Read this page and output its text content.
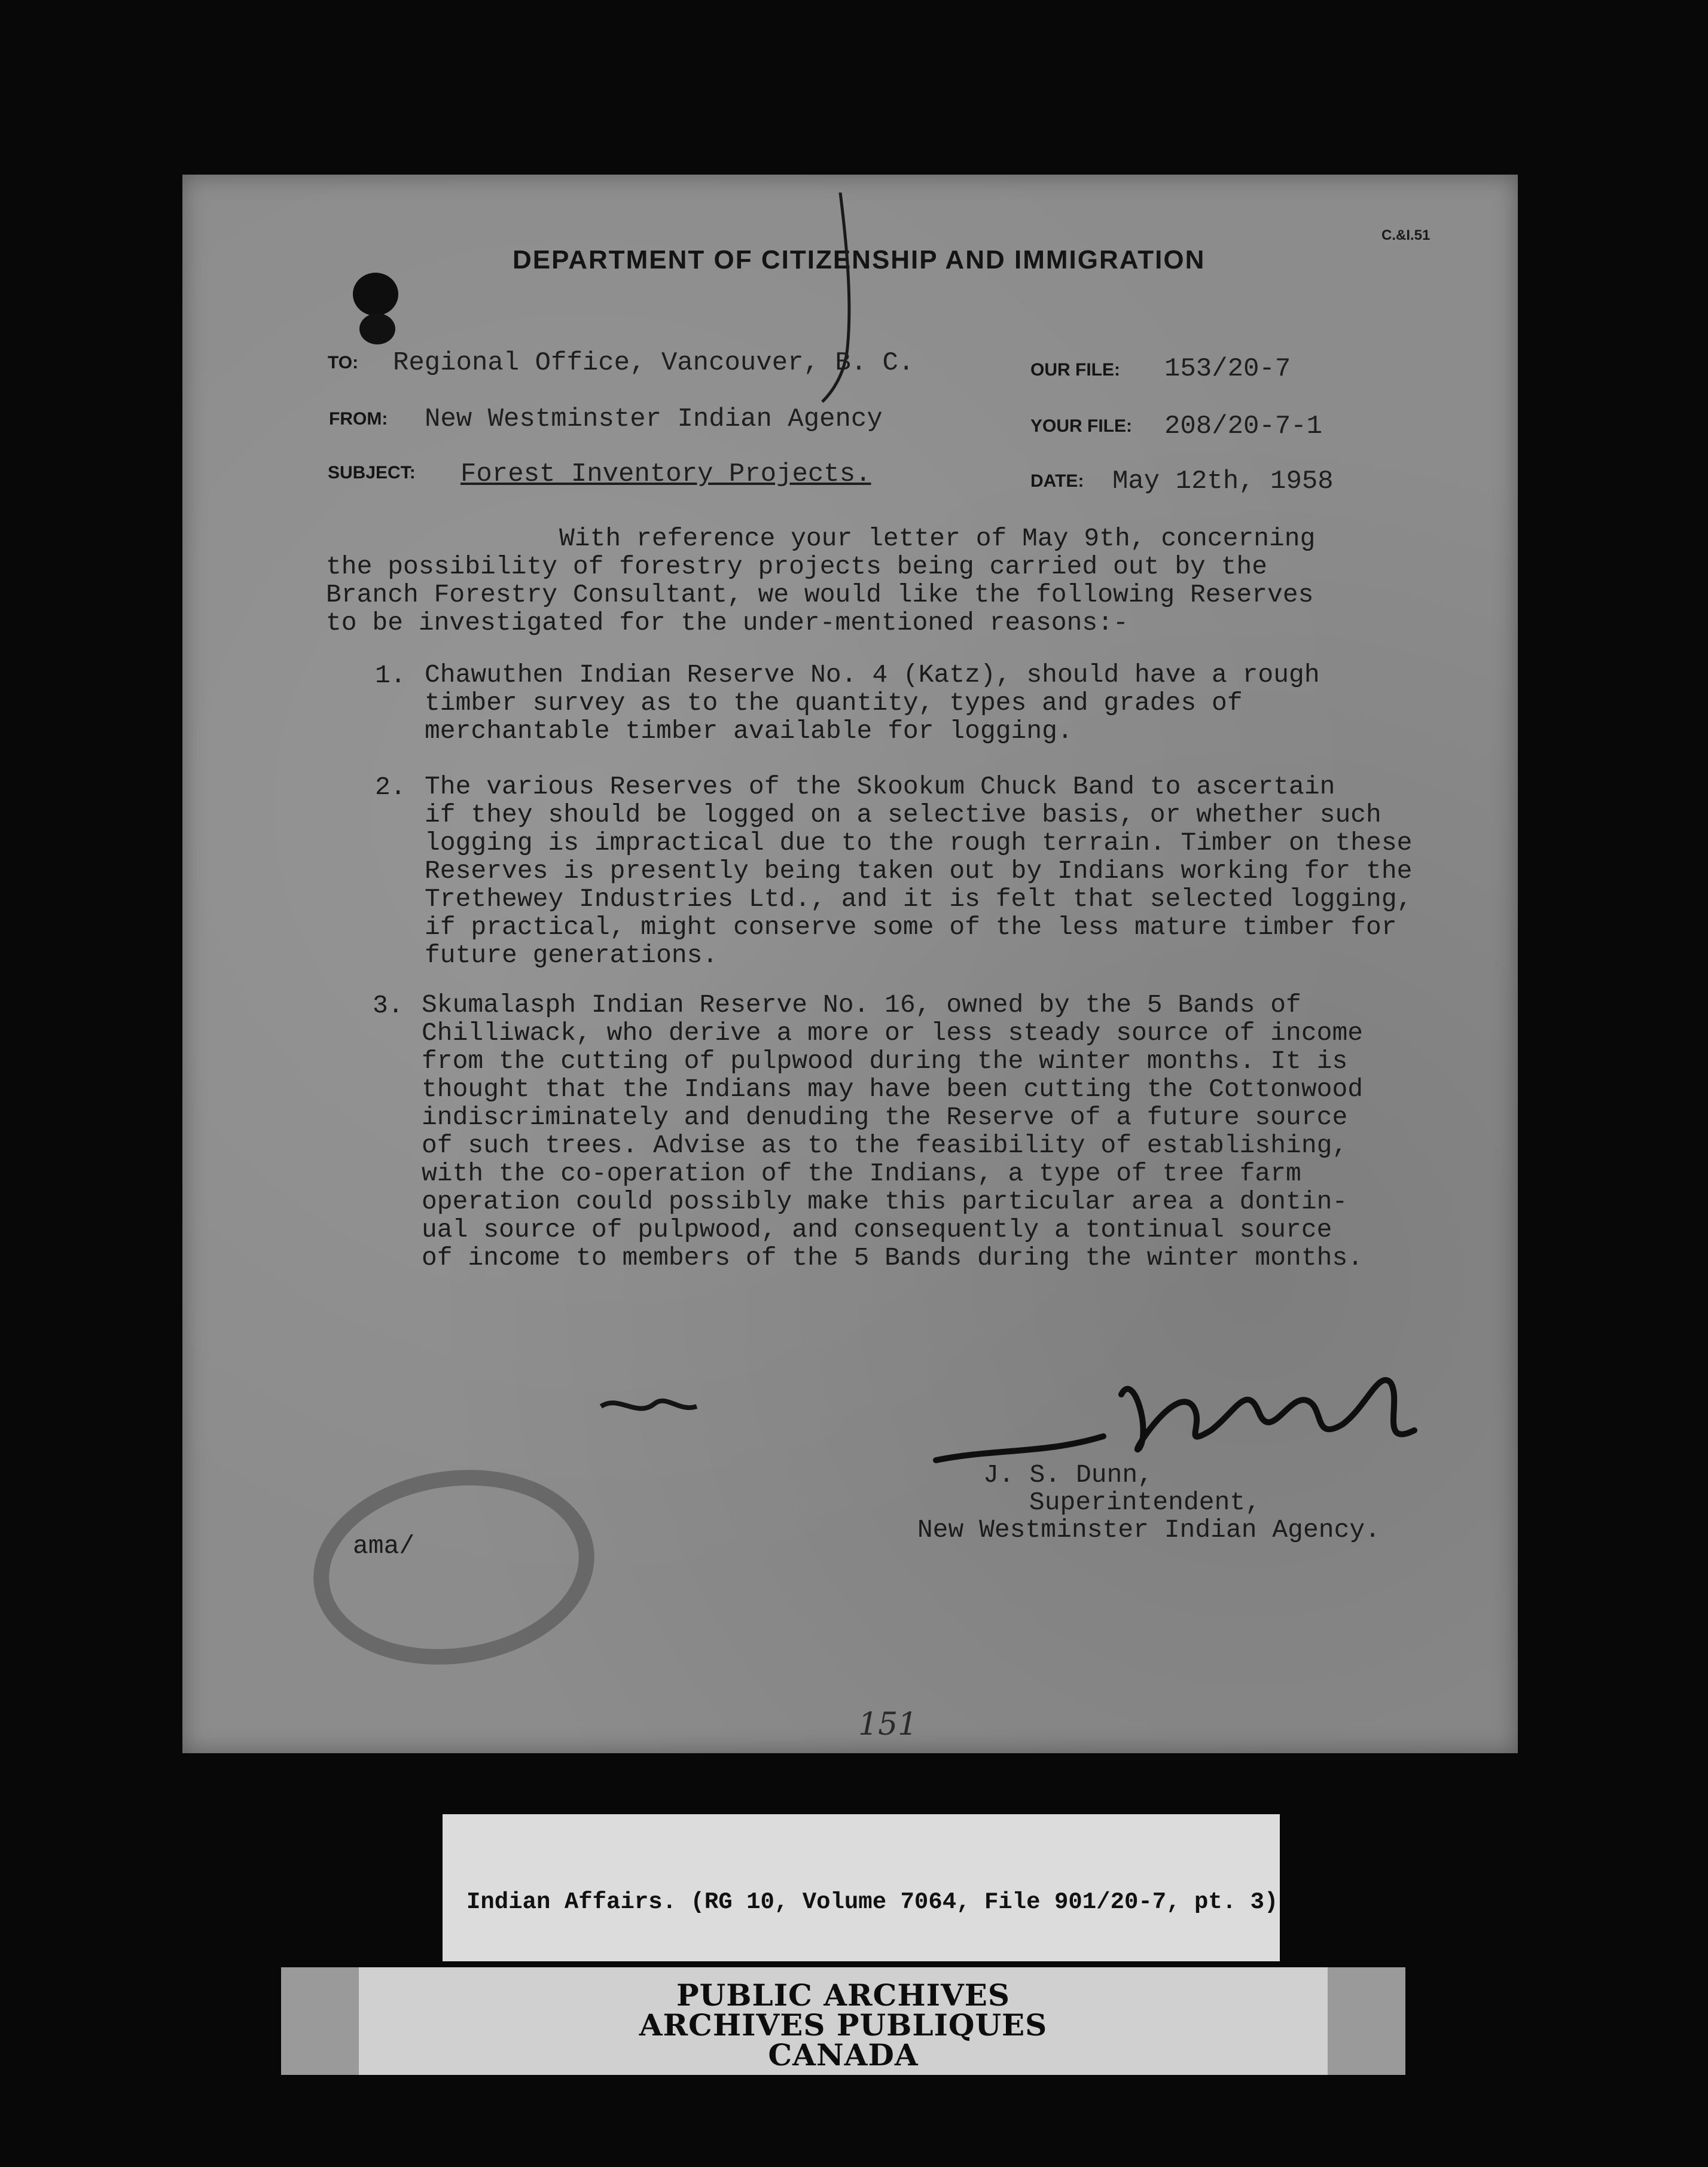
C.&I.51
DEPARTMENT OF CITIZENSHIP AND IMMIGRATION
TO: Regional Office, Vancouver, B. C.
FROM: New Westminster Indian Agency
SUBJECT: Forest Inventory Projects.
OUR FILE: 153/20-7
YOUR FILE: 208/20-7-1
DATE: May 12th, 1958
With reference your letter of May 9th, concerning
the possibility of forestry projects being carried out by the
Branch Forestry Consultant, we would like the following Reserves
to be investigated for the under-mentioned reasons:-
1. Chawuthen Indian Reserve No. 4 (Katz), should have a rough
timber survey as to the quantity, types and grades of
merchantable timber available for logging.
2. The various Reserves of the Skookum Chuck Band to ascertain
if they should be logged on a selective basis, or whether such
logging is impractical due to the rough terrain. Timber on these
Reserves is presently being taken out by Indians working for the
Trethewey Industries Ltd., and it is felt that selected logging,
if practical, might conserve some of the less mature timber for
future generations.
3. Skumalasph Indian Reserve No. 16, owned by the 5 Bands of
Chilliwack, who derive a more or less steady source of income
from the cutting of pulpwood during the winter months. It is
thought that the Indians may have been cutting the Cottonwood
indiscriminately and denuding the Reserve of a future source
of such trees. Advise as to the feasibility of establishing,
with the co-operation of the Indians, a type of tree farm
operation could possibly make this particular area a dontin-
ual source of pulpwood, and consequently a tontinual source
of income to members of the 5 Bands during the winter months.
J. S. Dunn,
Superintendent,
New Westminster Indian Agency.
ama/
151
Indian Affairs. (RG 10, Volume 7064, File 901/20-7, pt. 3)
PUBLIC ARCHIVES
ARCHIVES PUBLIQUES
CANADA
